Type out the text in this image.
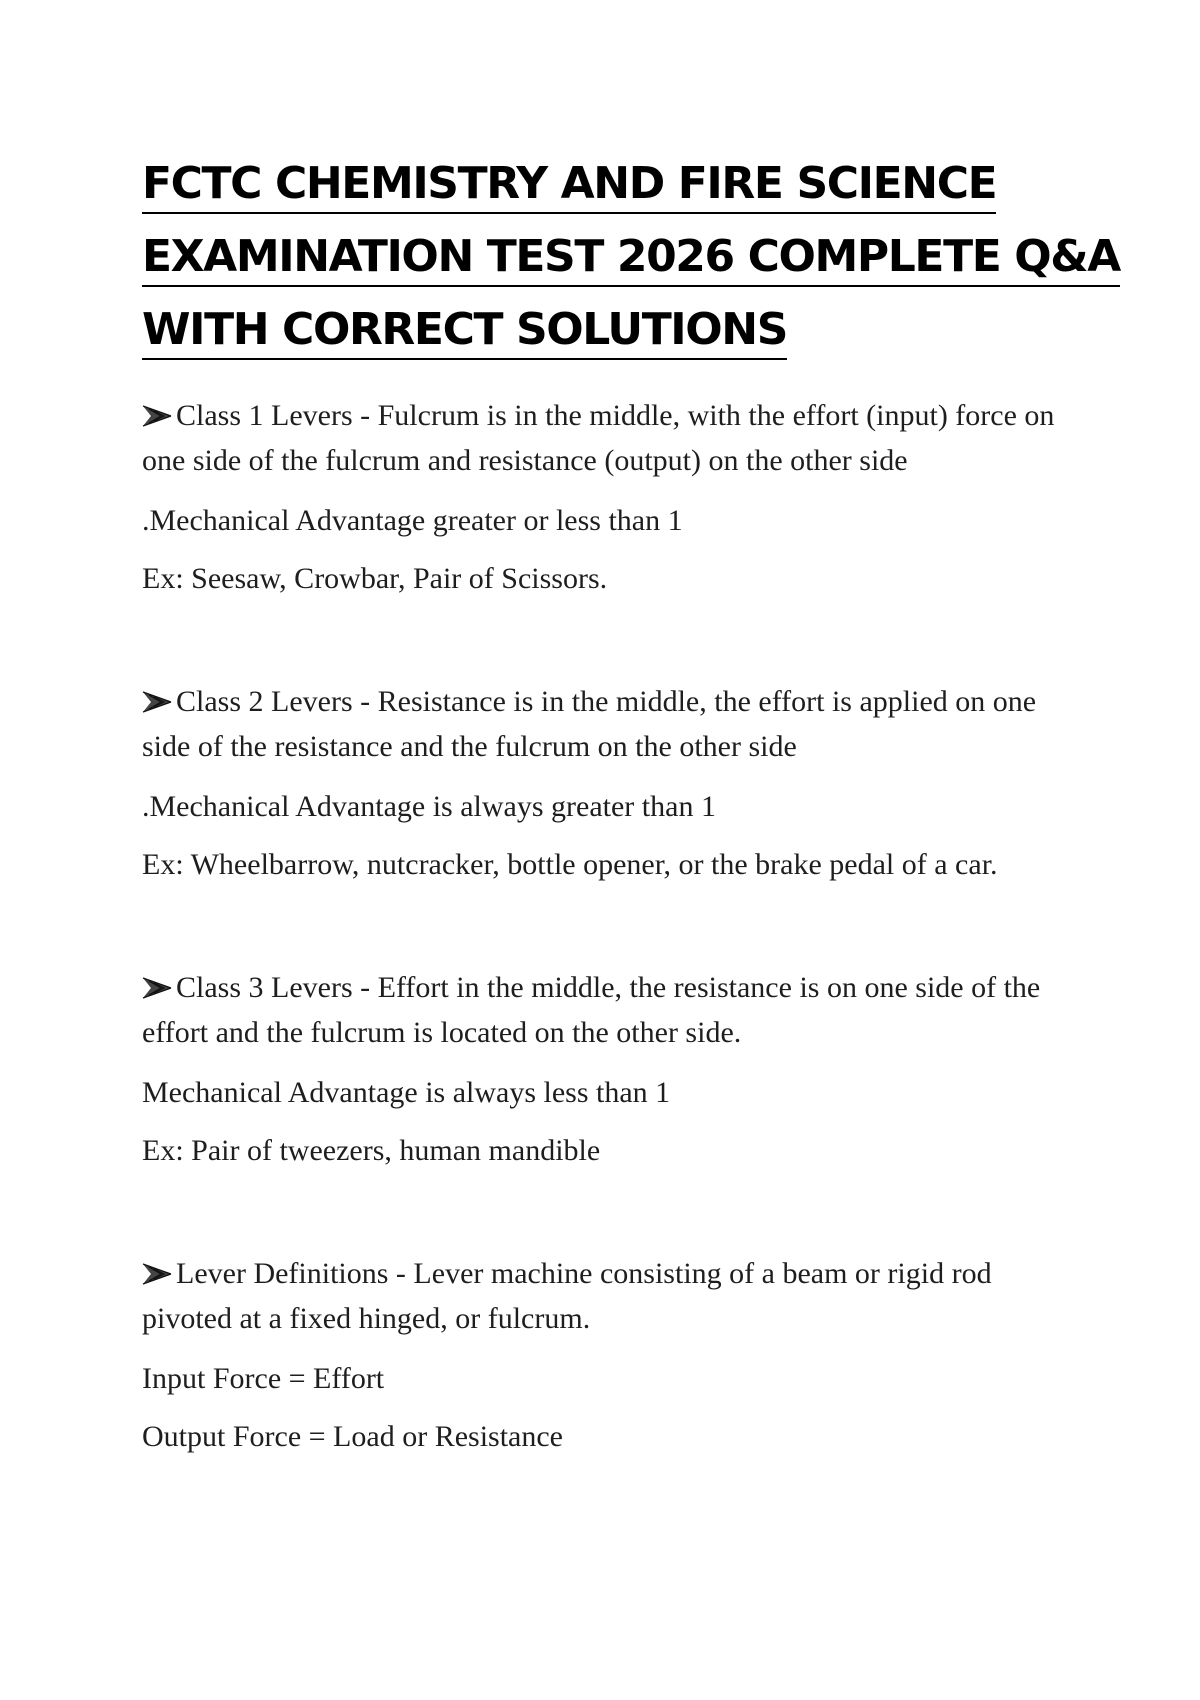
FCTC CHEMISTRY AND FIRE SCIENCE
EXAMINATION TEST 2026 COMPLETE Q&A
WITH CORRECT SOLUTIONS

Class 1 Levers - Fulcrum is in the middle, with the effort (input) force on one side of the fulcrum and resistance (output) on the other side

.Mechanical Advantage greater or less than 1

Ex: Seesaw, Crowbar, Pair of Scissors.

Class 2 Levers - Resistance is in the middle, the effort is applied on one side of the resistance and the fulcrum on the other side

.Mechanical Advantage is always greater than 1

Ex: Wheelbarrow, nutcracker, bottle opener, or the brake pedal of a car.

Class 3 Levers - Effort in the middle, the resistance is on one side of the effort and the fulcrum is located on the other side.

Mechanical Advantage is always less than 1

Ex: Pair of tweezers, human mandible

Lever Definitions - Lever machine consisting of a beam or rigid rod pivoted at a fixed hinged, or fulcrum.

Input Force = Effort

Output Force = Load or Resistance
